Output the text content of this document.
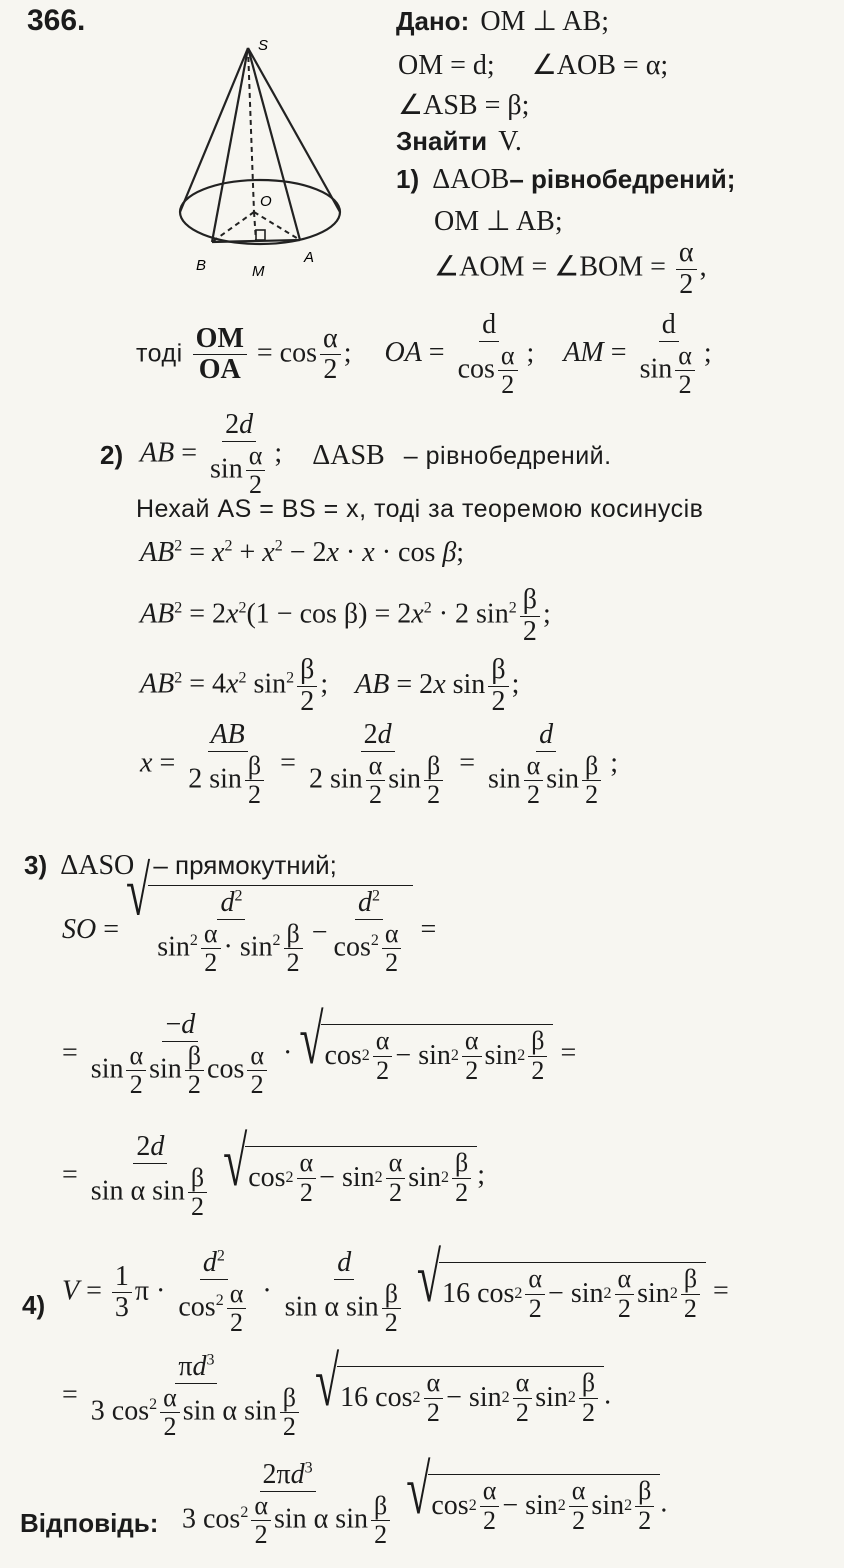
366.
S
O
A
B	M
Дано: OM ⊥ AB;
OM = d; ∠AOB = α;
∠ASB = β;
Знайти V.
1) ΔAOB– рівнобедрений;
OM ⊥ AB;
∠AOM = ∠BOM = $\frac{\alpha}{2}$ ,
тоді $\frac{OM}{OA} = \cos \frac{\alpha}{2}$ ; OA = $\frac{d}{\cos \frac{\alpha}{2}}$ ; AM = $\frac{d}{\sin \frac{\alpha}{2}}$ ;
AB = $\frac{2d}{\sin \frac{\alpha}{2}}$ ;
2)	ΔASB – рівнобедрений.
Нехай AS = BS = x, тоді за теоремою косинусів
$AB^2 = x^2 + x^2 - 2x \cdot x \cdot \cos \beta$;
$AB^2 = 2x^2(1 - \cos \beta) = 2x^2 \cdot 2$ $\sin^2 \frac{\beta}{2}$ ;
$AB^2 = 4x^2$ $\sin^2 \frac{\beta}{2}$ ; AB = 2x $\sin \frac{\beta}{2}$ ;
$x = \frac{AB}{2 \sin \frac{\beta}{2}} = \frac{2d}{2 \sin \frac{\alpha}{2} \sin \frac{\beta}{2}} = \frac{d}{\sin \frac{\alpha}{2} \sin \frac{\beta}{2}}$ ;
3) ΔASO – прямокутний;
SO = √ $\frac{d^2}{\sin^2 \frac{\alpha}{2} \cdot \sin^2 \frac{\beta}{2}} - \frac{d^2}{\cos^2 \frac{\alpha}{2}}$ =
= $\frac{-d}{\sin \frac{\alpha}{2} \sin \frac{\beta}{2} \cos \frac{\alpha}{2}}$ · √ $\cos 2 \frac{\alpha}{2} - \sin 2 \frac{\alpha}{2}$ $\sin 2 \frac{\beta}{2}$ =
= $\frac{2d}{\sin \alpha \sin \frac{\beta}{2}}$
√ $\cos 2 \frac{\alpha}{2} - \sin 2 \frac{\alpha}{2}$ $\sin 2 \frac{\beta}{2}$ ;
4) $V = \frac{1}{3}$ $\pi \cdot \frac{d^2}{\cos^2 \frac{\alpha}{2}} \cdot \frac{d}{\sin \alpha \sin \frac{\beta}{2}}$
√ 16 $\cos 2 \frac{\alpha}{2} - \sin 2 \frac{\alpha}{2}$ $\sin 2 \frac{\beta}{2}$ =
= $\frac{\pi d^3}{3 \cos^2 \frac{\alpha}{2} \sin \alpha \sin \frac{\beta}{2}}$
√ 16 $\cos 2 \frac{\alpha}{2} - \sin 2 \frac{\alpha}{2}$ $\sin 2 \frac{\beta}{2}$ .
Відповідь: $\frac{2\pi d^3}{3 \cos^2 \frac{\alpha}{2} \sin \alpha \sin \frac{\beta}{2}}$
√ $\cos 2 \frac{\alpha}{2} - \sin 2 \frac{\alpha}{2}$ $\sin 2 \frac{\beta}{2}$ .
